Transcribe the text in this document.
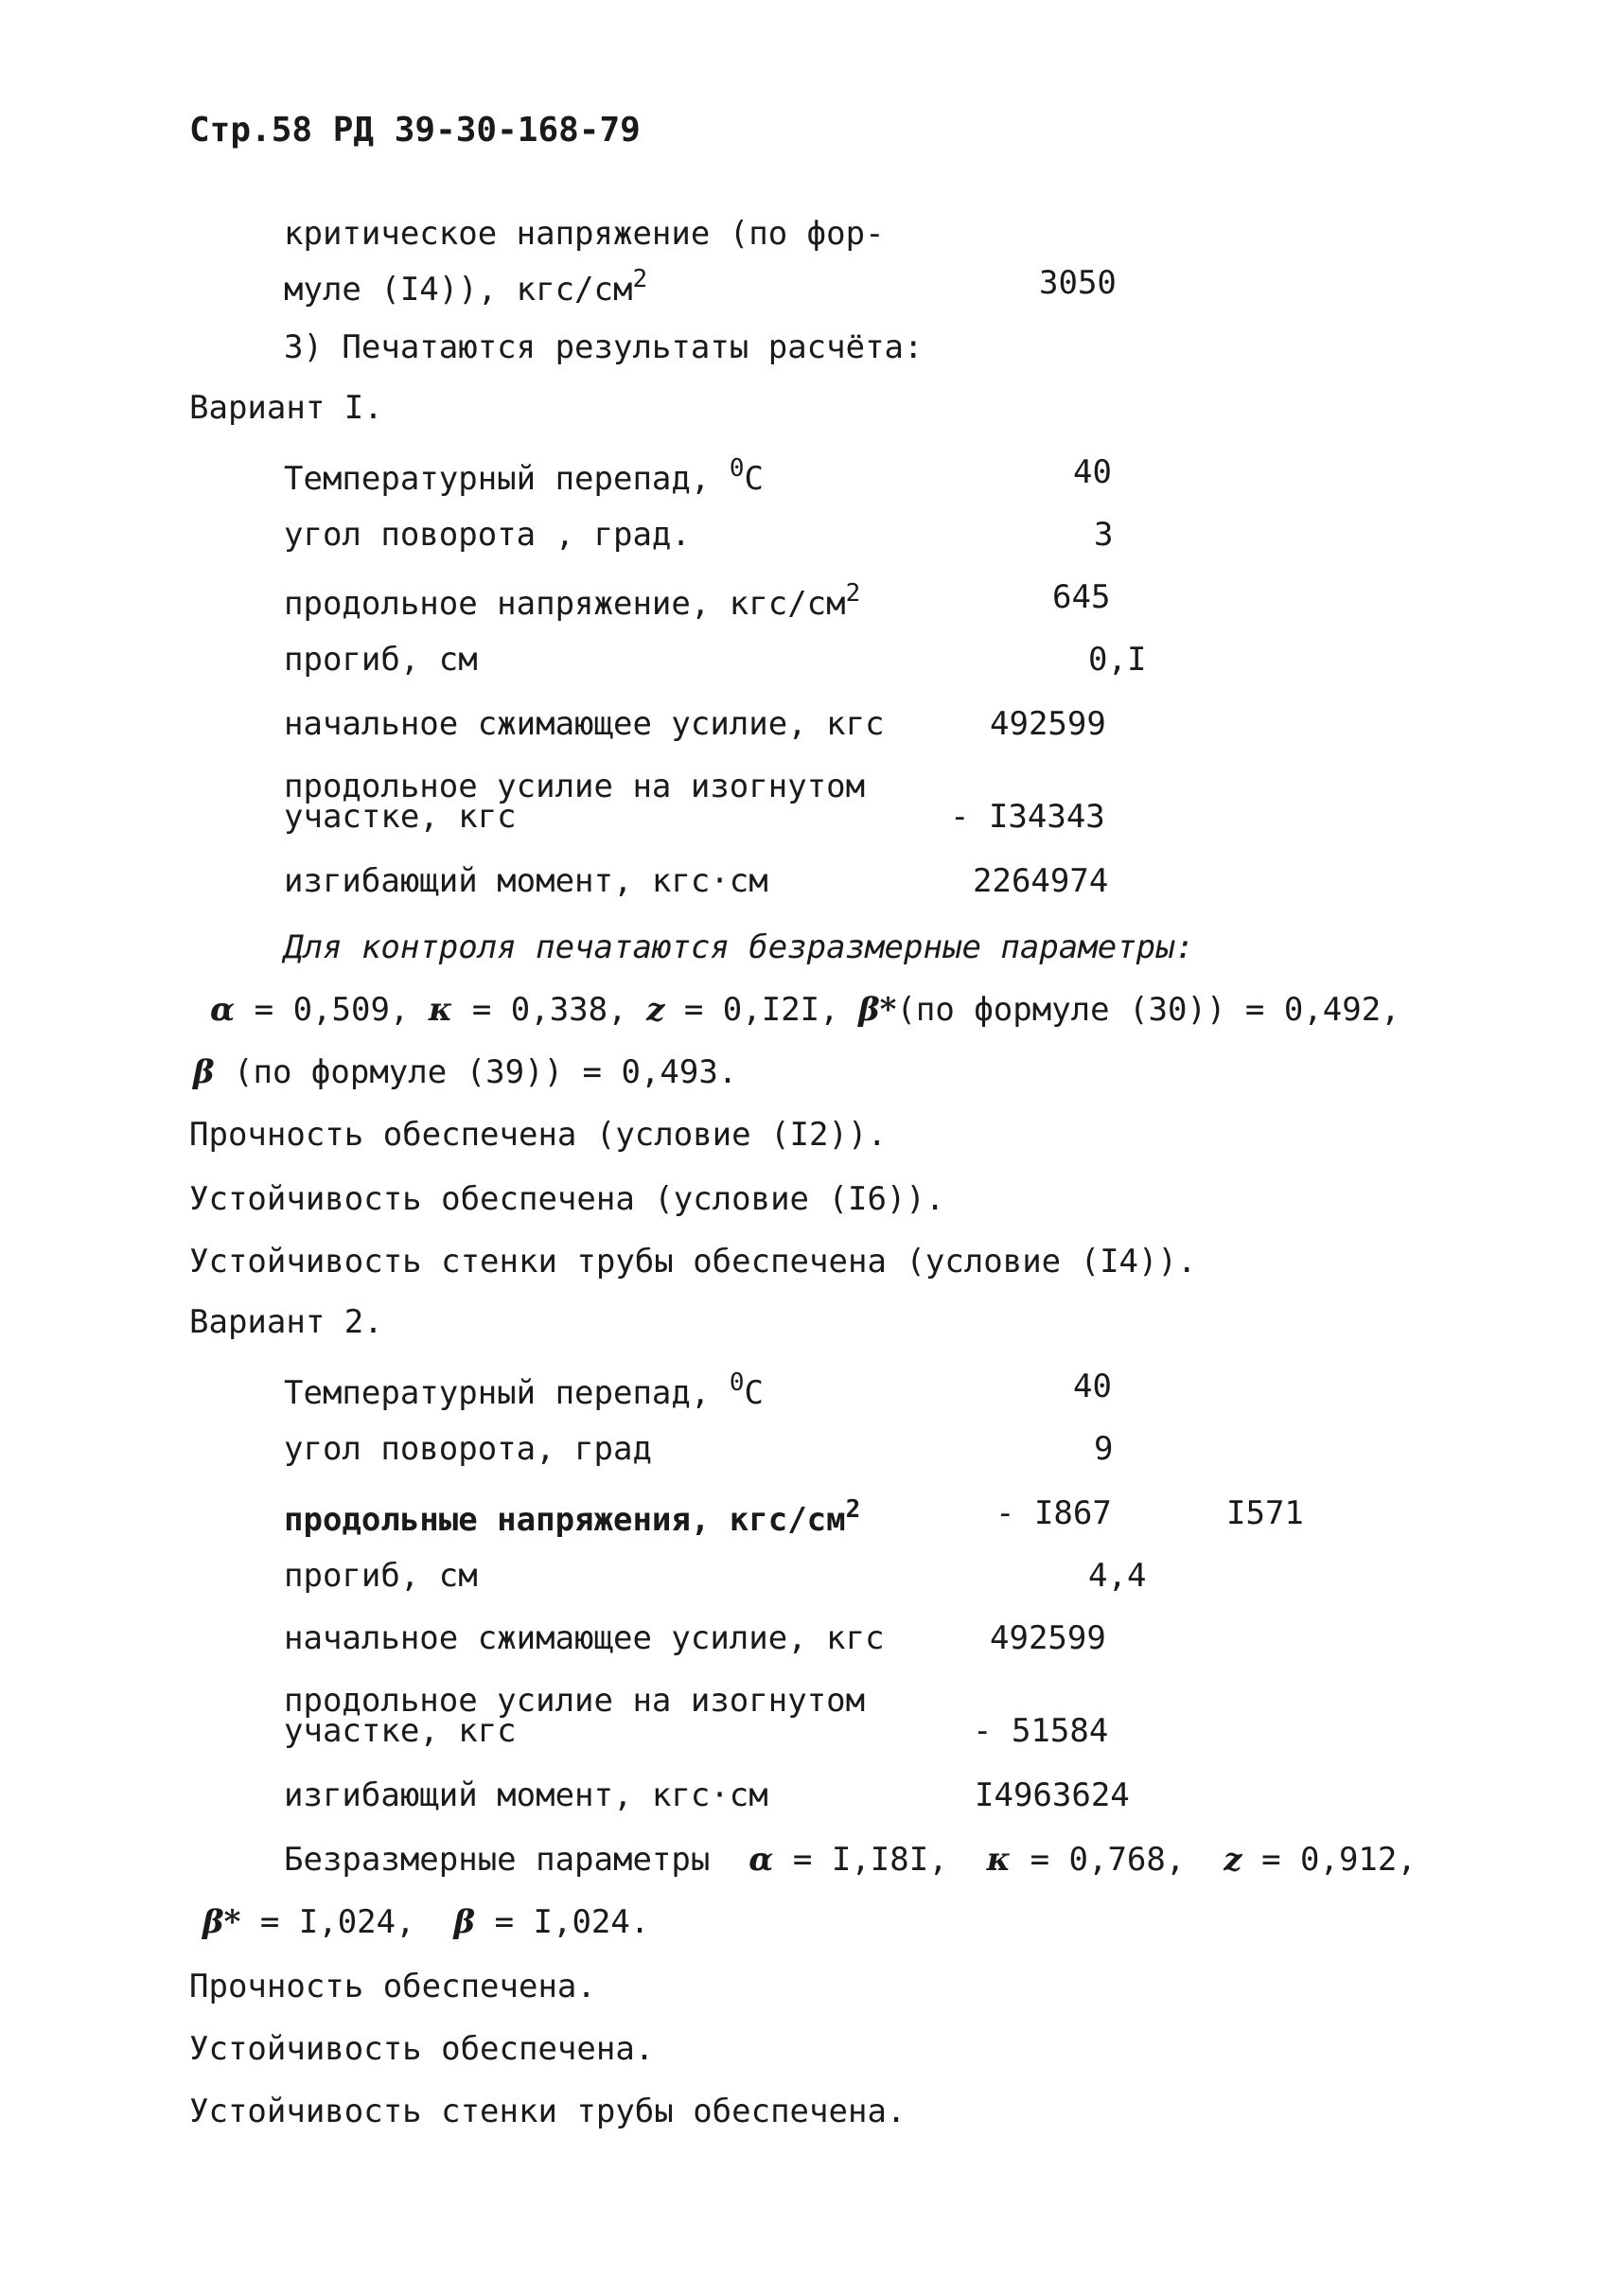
Стр.58 РД 39-30-168-79
критическое напряжение (по фор-
муле (I4)), кгс/$см^2$	3050
3) Печатаются результаты расчёта:
Вариант I.
Температурный перепад, $^0$С	40
угол поворота , град.	3
продольное напряжение, кгс/$см^2$	645
прогиб, см	0,I
начальное сжимающее усилие, кгс	492599
продольное усилие на изогнутом
участке, кгс	- I34343
изгибающий момент, кгс·см	2264974
Для контроля печатаются безразмерные параметры:
α = 0,509, κ = 0,338, z = 0,I2I, β*(по формуле (30)) = 0,492,
β (по формуле (39)) = 0,493.
Прочность обеспечена (условие (I2)).
Устойчивость обеспечена (условие (I6)).
Устойчивость стенки трубы обеспечена (условие (I4)).
Вариант 2.
Температурный перепад, $^0$С	40
угол поворота, град	9
продольные напряжения, кгс/$см^2$	- I867	I571
прогиб, см	4,4
начальное сжимающее усилие, кгс	492599
продольное усилие на изогнутом
участке, кгс	- 51584
изгибающий момент, кгс·см	I4963624
Безразмерные параметры  α = I,I8I,  κ = 0,768,  z = 0,912,
β* = I,024,  β = I,024.
Прочность обеспечена.
Устойчивость обеспечена.
Устойчивость стенки трубы обеспечена.
